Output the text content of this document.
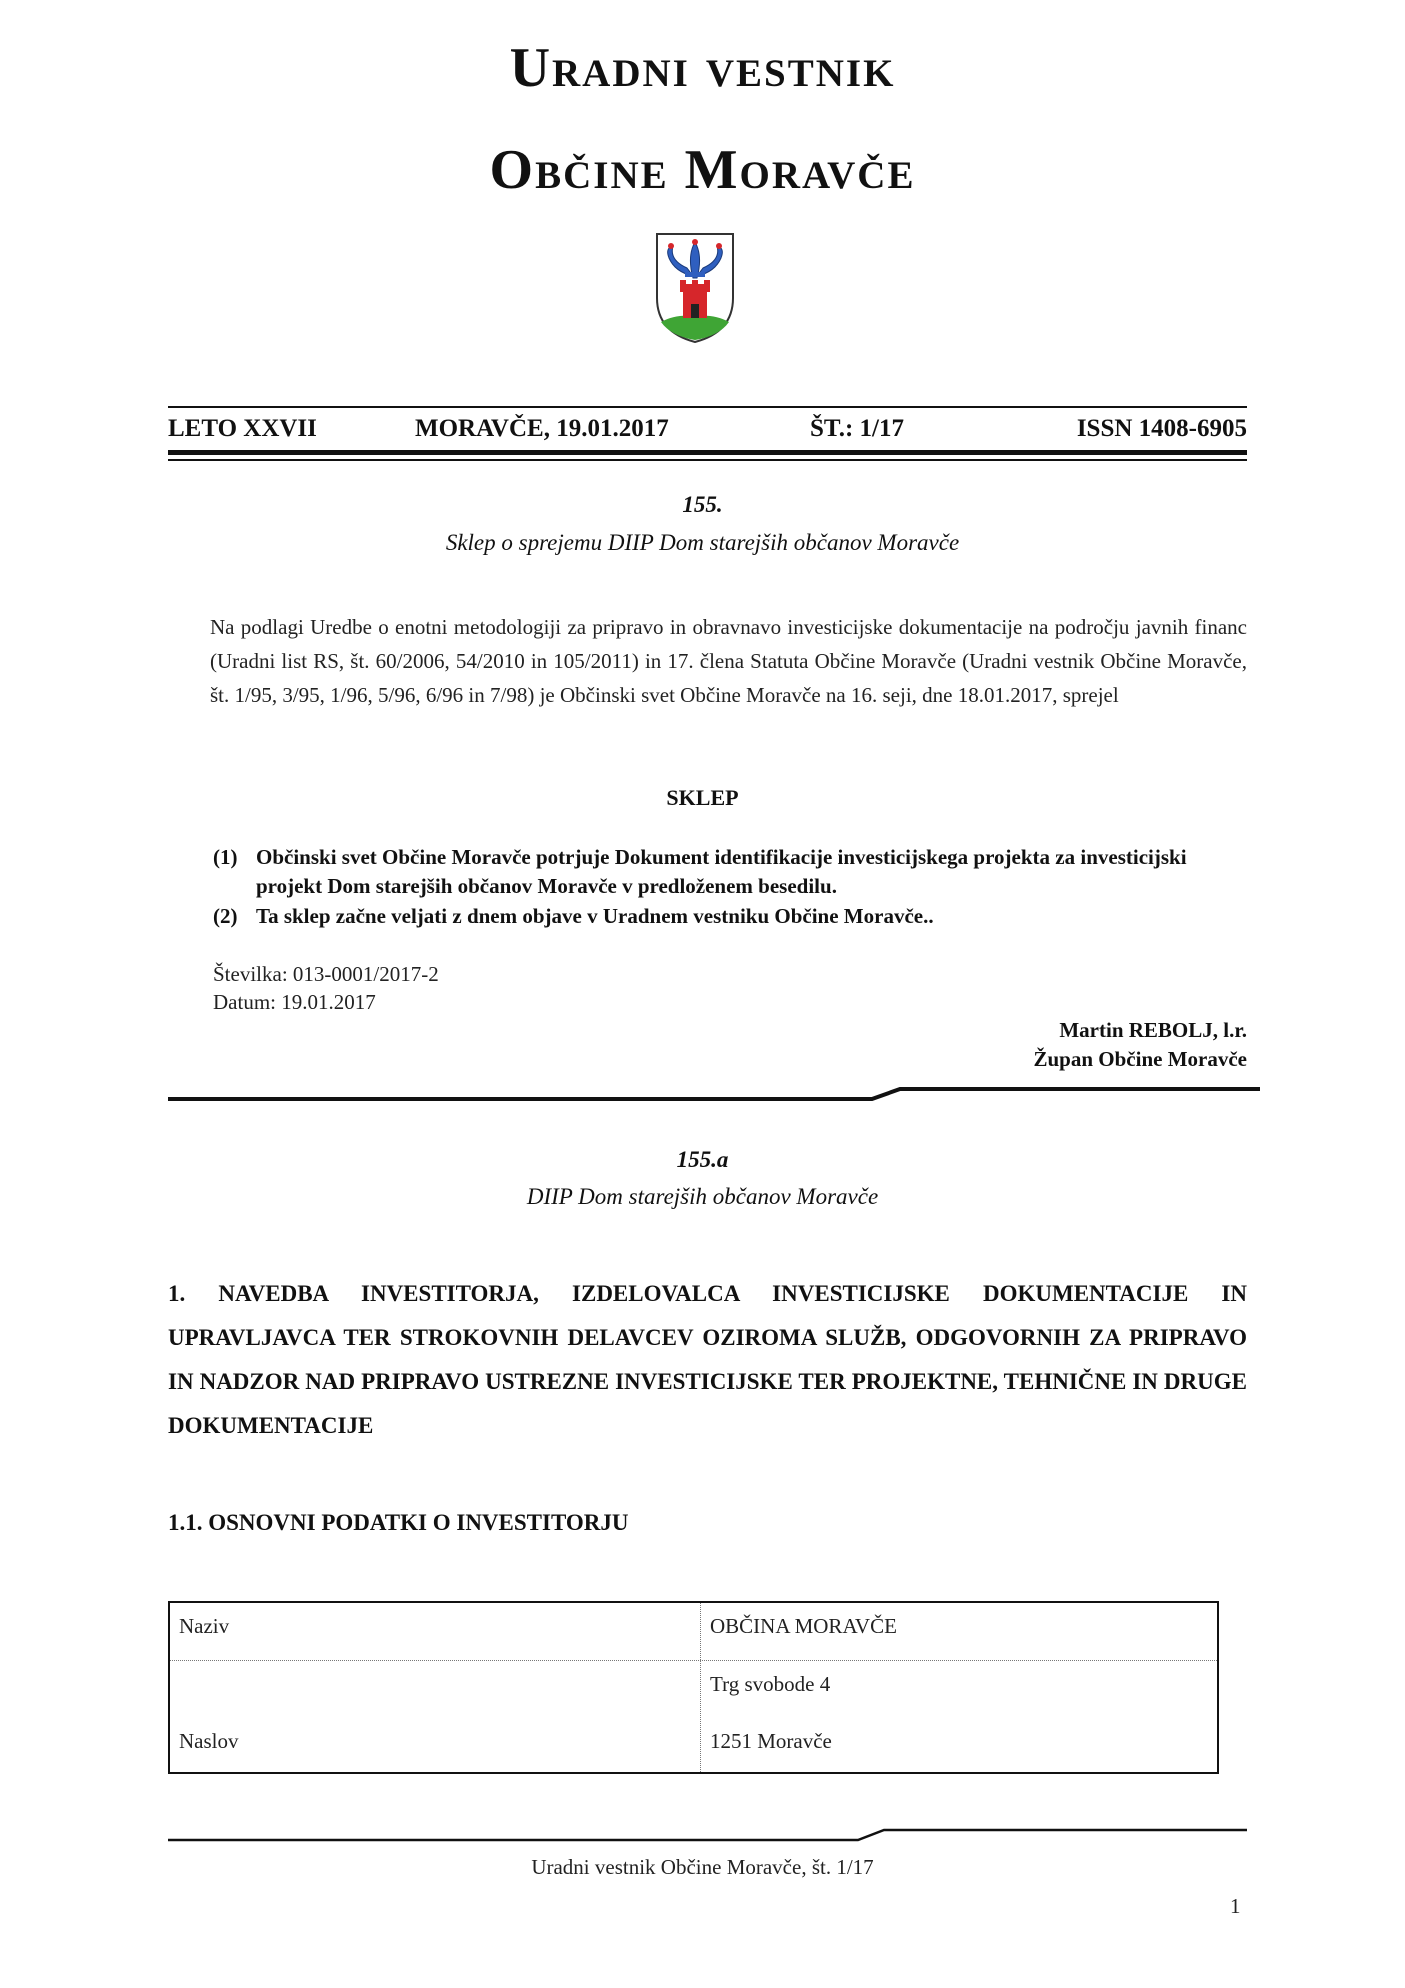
Uradni vestnik
Občine Moravče
LETO XXVII	MORAVČE, 19.01.2017	ŠT.: 1/17	ISSN 1408-6905
155.
Sklep o sprejemu DIIP Dom starejših občanov Moravče
Na podlagi Uredbe o enotni metodologiji za pripravo in obravnavo investicijske dokumentacije na področju javnih financ (Uradni list RS, št. 60/2006, 54/2010 in 105/2011) in 17. člena Statuta Občine Moravče (Uradni vestnik Občine Moravče, št. 1/95, 3/95, 1/96, 5/96, 6/96 in 7/98) je Občinski svet Občine Moravče na 16. seji, dne 18.01.2017, sprejel
SKLEP
(1) Občinski svet Občine Moravče potrjuje Dokument identifikacije investicijskega projekta za investicijski projekt Dom starejših občanov Moravče v predloženem besedilu.
(2) Ta sklep začne veljati z dnem objave v Uradnem vestniku Občine Moravče..
Številka: 013-0001/2017-2
Datum: 19.01.2017
Martin REBOLJ, l.r.
Župan Občine Moravče
155.a
DIIP Dom starejših občanov Moravče
1. NAVEDBA INVESTITORJA, IZDELOVALCA INVESTICIJSKE DOKUMENTACIJE IN UPRAVLJAVCA TER STROKOVNIH DELAVCEV OZIROMA SLUŽB, ODGOVORNIH ZA PRIPRAVO IN NADZOR NAD PRIPRAVO USTREZNE INVESTICIJSKE TER PROJEKTNE, TEHNIČNE IN DRUGE DOKUMENTACIJE
1.1. OSNOVNI PODATKI O INVESTITORJU
Naziv	OBČINA MORAVČE
Trg svobode 4
Naslov	1251 Moravče
Uradni vestnik Občine Moravče, št. 1/17
1
